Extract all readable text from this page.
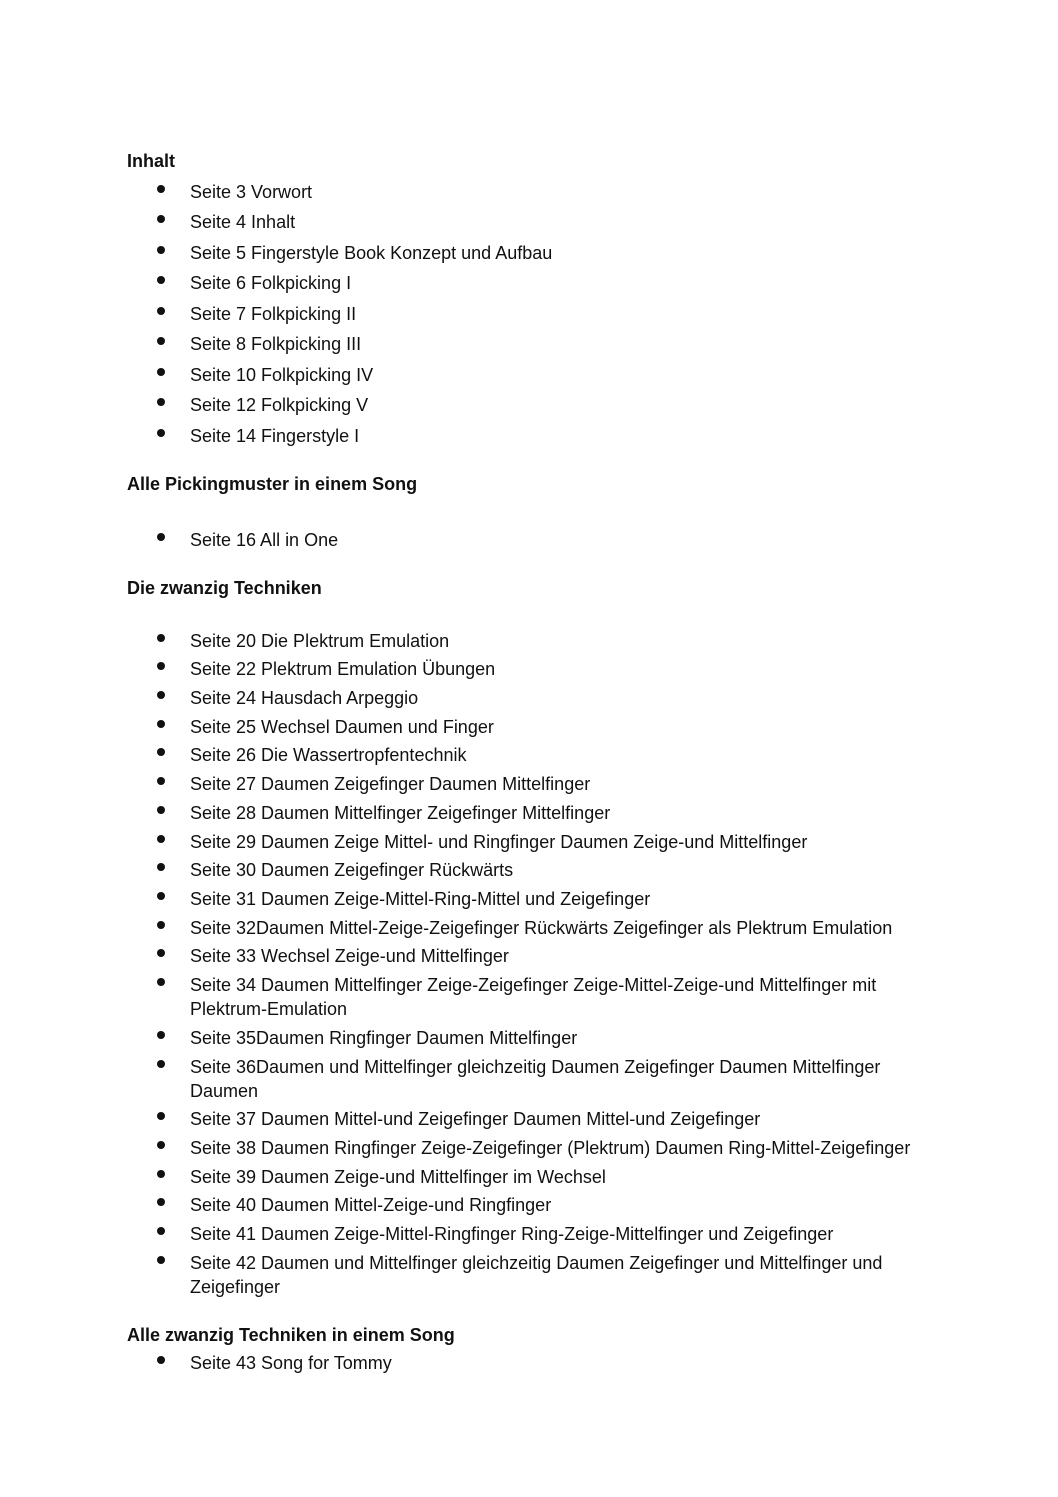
Inhalt
Seite 3 Vorwort
Seite 4 Inhalt
Seite 5 Fingerstyle Book Konzept und Aufbau
Seite 6 Folkpicking I
Seite 7 Folkpicking II
Seite 8 Folkpicking III
Seite 10 Folkpicking IV
Seite 12 Folkpicking V
Seite 14 Fingerstyle I
Alle Pickingmuster in einem Song
Seite 16 All in One
Die zwanzig Techniken
Seite 20 Die Plektrum Emulation
Seite 22 Plektrum Emulation Übungen
Seite 24 Hausdach Arpeggio
Seite 25 Wechsel Daumen und Finger
Seite 26 Die Wassertropfentechnik
Seite 27 Daumen Zeigefinger Daumen Mittelfinger
Seite 28 Daumen Mittelfinger Zeigefinger Mittelfinger
Seite 29 Daumen Zeige Mittel- und Ringfinger Daumen Zeige-und Mittelfinger
Seite 30 Daumen Zeigefinger Rückwärts
Seite 31 Daumen Zeige-Mittel-Ring-Mittel und Zeigefinger
Seite 32Daumen Mittel-Zeige-Zeigefinger Rückwärts Zeigefinger als Plektrum Emulation
Seite 33 Wechsel Zeige-und Mittelfinger
Seite 34 Daumen Mittelfinger Zeige-Zeigefinger Zeige-Mittel-Zeige-und Mittelfinger mit Plektrum-Emulation
Seite 35Daumen Ringfinger Daumen Mittelfinger
Seite 36Daumen und Mittelfinger gleichzeitig Daumen Zeigefinger Daumen Mittelfinger Daumen
Seite 37 Daumen Mittel-und Zeigefinger Daumen Mittel-und Zeigefinger
Seite 38 Daumen Ringfinger Zeige-Zeigefinger (Plektrum) Daumen Ring-Mittel-Zeigefinger
Seite 39 Daumen Zeige-und Mittelfinger im Wechsel
Seite 40 Daumen Mittel-Zeige-und Ringfinger
Seite 41 Daumen Zeige-Mittel-Ringfinger Ring-Zeige-Mittelfinger und Zeigefinger
Seite 42 Daumen und Mittelfinger gleichzeitig Daumen Zeigefinger und Mittelfinger und Zeigefinger
Alle zwanzig Techniken in einem Song
Seite 43 Song for Tommy
